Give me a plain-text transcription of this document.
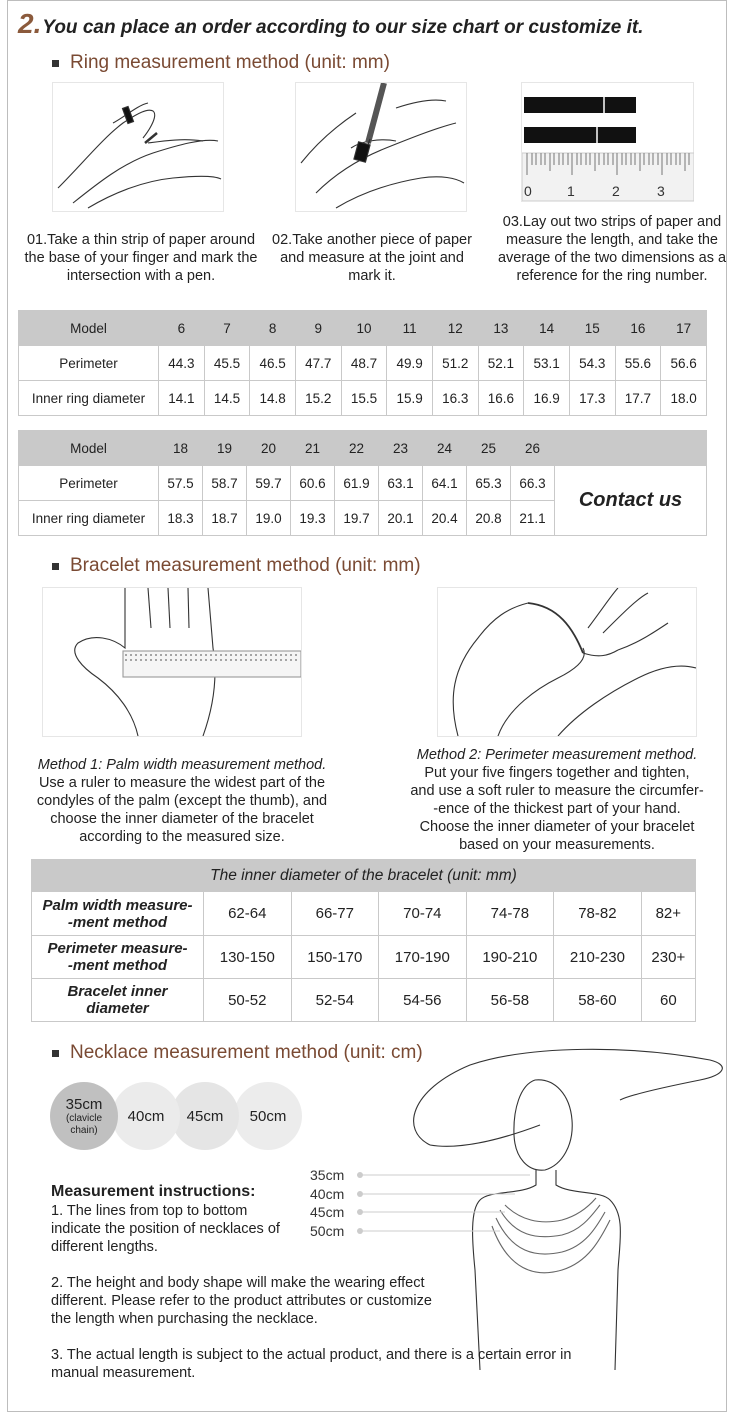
2. You can place an order according to our size chart or customize it.
Ring measurement method (unit: mm)
0	1	2	3
01.Take a thin strip of paper around the base of your finger and mark the intersection with a pen.
02.Take another piece of paper and measure at the joint and mark it.
03.Lay out two strips of paper and measure the length, and take the average of the two dimensions as a reference for the ring number.
Model	6	7	8	9	10	11	12	13	14	15	16	17
Perimeter	44.3	45.5	46.5	47.7	48.7	49.9	51.2	52.1	53.1	54.3	55.6	56.6
Inner ring diameter	14.1	14.5	14.8	15.2	15.5	15.9	16.3	16.6	16.9	17.3	17.7	18.0
Model	18	19	20	21	22	23	24	25	26	
Perimeter	57.5	58.7	59.7	60.6	61.9	63.1	64.1	65.3	66.3	Contact us
Inner ring diameter	18.3	18.7	19.0	19.3	19.7	20.1	20.4	20.8	21.1	
Bracelet measurement method (unit: mm)
Method 1: Palm width measurement method.
Use a ruler to measure the widest part of the
condyles of the palm (except the thumb), and
choose the inner diameter of the bracelet
according to the measured size.
Method 2: Perimeter measurement method.
Put your five fingers together and tighten,
and use a soft ruler to measure the circumfer-
-ence of the thickest part of your hand.
Choose the inner diameter of your bracelet
based on your measurements.
The inner diameter of the bracelet (unit: mm)						

Palm width measure-
-ment method	62-64	66-77	70-74	74-78	78-82	82+

Perimeter measure-
-ment method	130-150	150-170	170-190	190-210	210-230	230+

Bracelet inner
diameter	50-52	52-54	54-56	56-58	58-60	60
Necklace measurement method (unit: cm)
35cm
40cm
45cm
50cm
50cm
45cm
40cm
35cm
(clavicle
chain)
Measurement instructions:
1. The lines from top to bottom
indicate the position of necklaces of
different lengths.
2. The height and body shape will make the wearing effect
different. Please refer to the product attributes or customize
the length when purchasing the necklace.
3. The actual length is subject to the actual product, and there is a certain error in
manual measurement.
